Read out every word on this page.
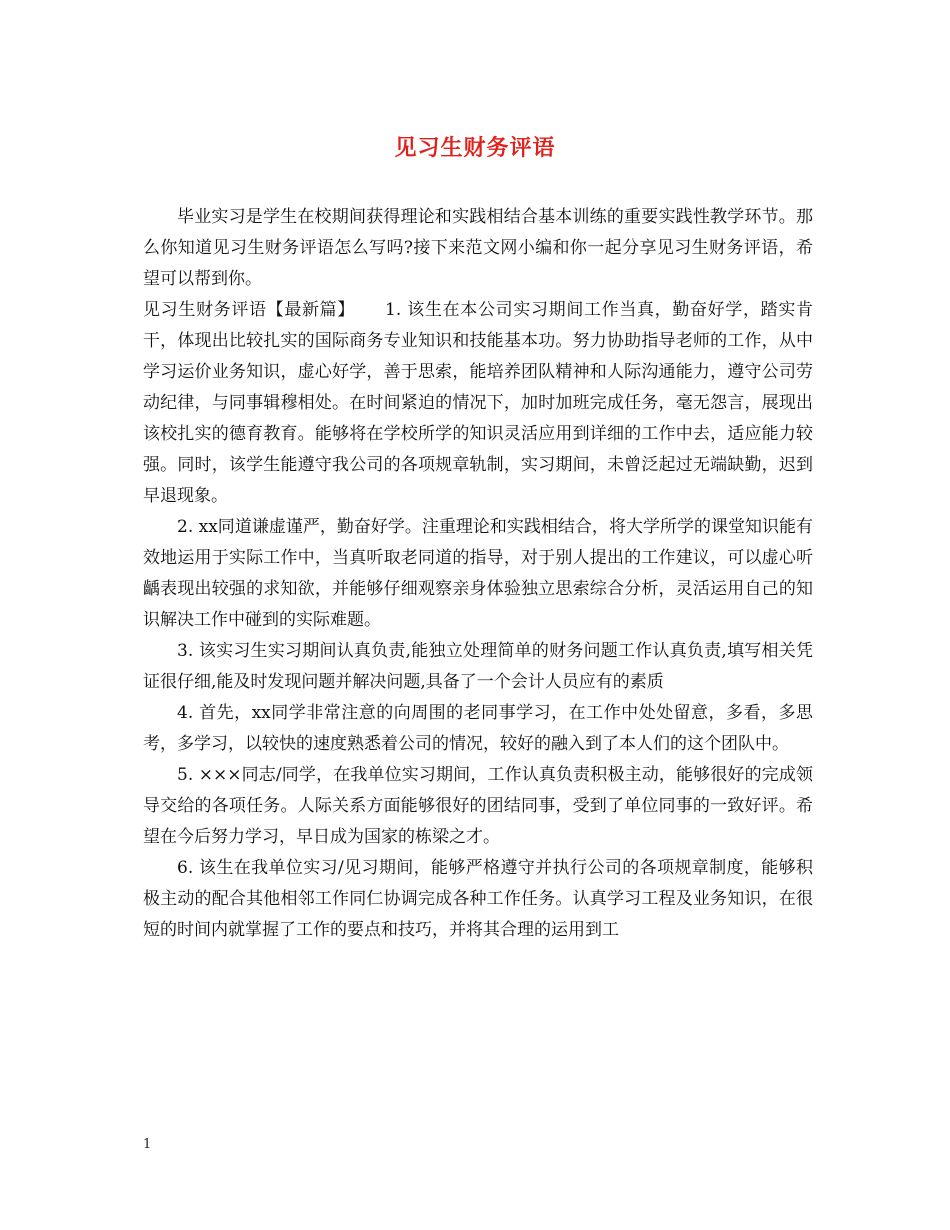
见习生财务评语

毕业实习是学生在校期间获得理论和实践相结合基本训练的重要实践性教学环节。那么你知道见习生财务评语怎么写吗?接下来范文网小编和你一起分享见习生财务评语，希望可以帮到你。

见习生财务评语【最新篇】 1. 该生在本公司实习期间工作当真，勤奋好学，踏实肯干，体现出比较扎实的国际商务专业知识和技能基本功。努力协助指导老师的工作，从中学习运价业务知识，虚心好学，善于思索，能培养团队精神和人际沟通能力，遵守公司劳动纪律，与同事辑穆相处。在时间紧迫的情况下，加时加班完成任务，毫无怨言，展现出该校扎实的德育教育。能够将在学校所学的知识灵活应用到详细的工作中去，适应能力较强。同时，该学生能遵守我公司的各项规章轨制，实习期间，未曾泛起过无端缺勤，迟到早退现象。

2. xx同道谦虚谨严，勤奋好学。注重理论和实践相结合，将大学所学的课堂知识能有效地运用于实际工作中，当真听取老同道的指导，对于别人提出的工作建议，可以虚心听齲表现出较强的求知欲，并能够仔细观察亲身体验独立思索综合分析，灵活运用自己的知识解决工作中碰到的实际难题。

3. 该实习生实习期间认真负责,能独立处理简单的财务问题工作认真负责,填写相关凭证很仔细,能及时发现问题并解决问题,具备了一个会计人员应有的素质

4. 首先，xx同学非常注意的向周围的老同事学习，在工作中处处留意，多看，多思考，多学习，以较快的速度熟悉着公司的情况，较好的融入到了本人们的这个团队中。

5. ×××同志/同学，在我单位实习期间，工作认真负责积极主动，能够很好的完成领导交给的各项任务。人际关系方面能够很好的团结同事，受到了单位同事的一致好评。希望在今后努力学习，早日成为国家的栋梁之才。

6. 该生在我单位实习/见习期间，能够严格遵守并执行公司的各项规章制度，能够积极主动的配合其他相邻工作同仁协调完成各种工作任务。认真学习工程及业务知识，在很短的时间内就掌握了工作的要点和技巧，并将其合理的运用到工

1
